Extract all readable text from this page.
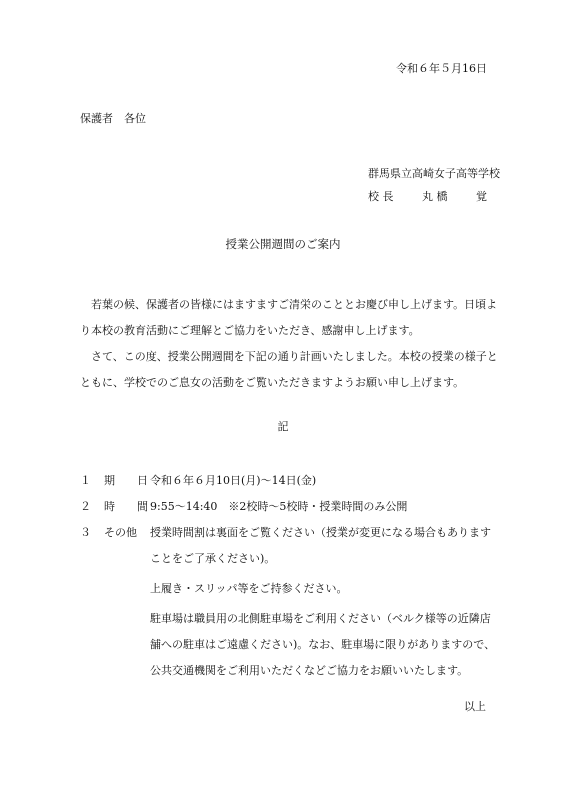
令和６年５月16日
保護者　各位
群馬県立高崎女子高等学校
校 長	丸 橋	覚
授業公開週間のご案内

若葉の候、保護者の皆様にはますますご清栄のこととお慶び申し上げます。日頃より本校の教育活動にご理解とご協力をいただき、感謝申し上げます。

さて、この度、授業公開週間を下記の通り計画いたしました。本校の授業の様子とともに、学校でのご息女の活動をご覧いただきますようお願い申し上げます。

記
１	期 日 令和６年６月10日(月)～14日(金)

２	時 間 9:55～14:40　※2校時～5校時・授業時間のみ公開

３	その他 授業時間割は裏面をご覧ください（授業が変更になる場合もありますことをご了承ください)。

上履き・スリッパ等をご持参ください。

駐車場は職員用の北側駐車場をご利用ください（ベルク様等の近隣店舗への駐車はご遠慮ください)。なお、駐車場に限りがありますので、公共交通機関をご利用いただくなどご協力をお願いいたします。

以上
